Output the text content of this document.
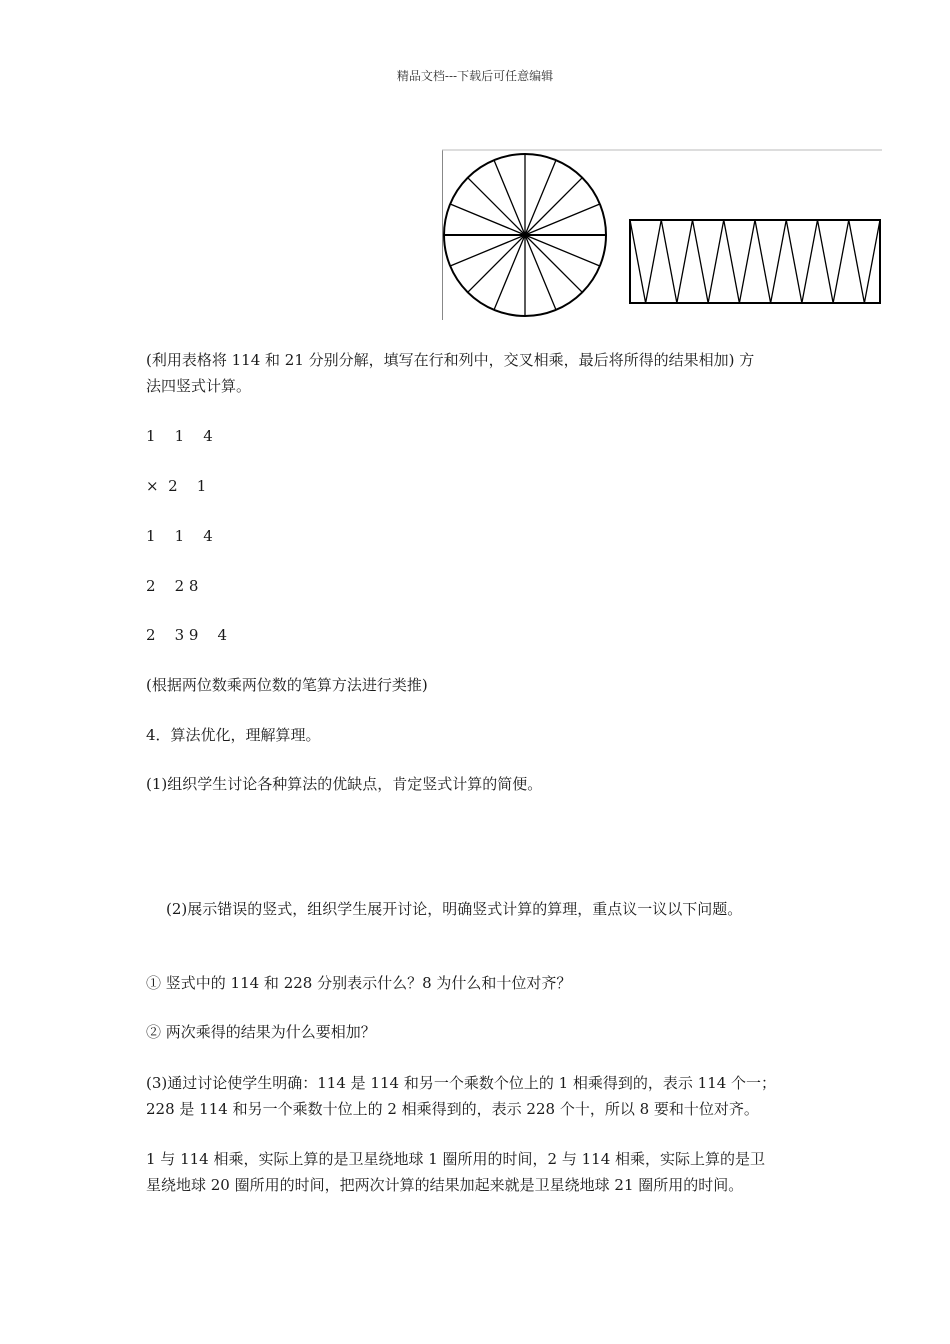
精品文档---下载后可任意编辑

(利用表格将 114 和 21 分别分解，填写在行和列中，交叉相乘，最后将所得的结果相加) 方

法四竖式计算。

1    1    4
×  2    1
1    1    4
2    2 8
2    3 9    4
(根据两位数乘两位数的笔算方法进行类推)
4．算法优化，理解算理。
(1)组织学生讨论各种算法的优缺点，肯定竖式计算的简便。
(2)展示错误的竖式，组织学生展开讨论，明确竖式计算的算理，重点议一议以下问题。
① 竖式中的 114 和 228 分别表示什么？8 为什么和十位对齐？
② 两次乘得的结果为什么要相加？

(3)通过讨论使学生明确：114 是 114 和另一个乘数个位上的 1 相乘得到的，表示 114 个一；

228 是 114 和另一个乘数十位上的 2 相乘得到的，表示 228 个十，所以 8 要和十位对齐。

1 与 114 相乘，实际上算的是卫星绕地球 1 圈所用的时间，2 与 114 相乘，实际上算的是卫

星绕地球 20 圈所用的时间，把两次计算的结果加起来就是卫星绕地球 21 圈所用的时间。
